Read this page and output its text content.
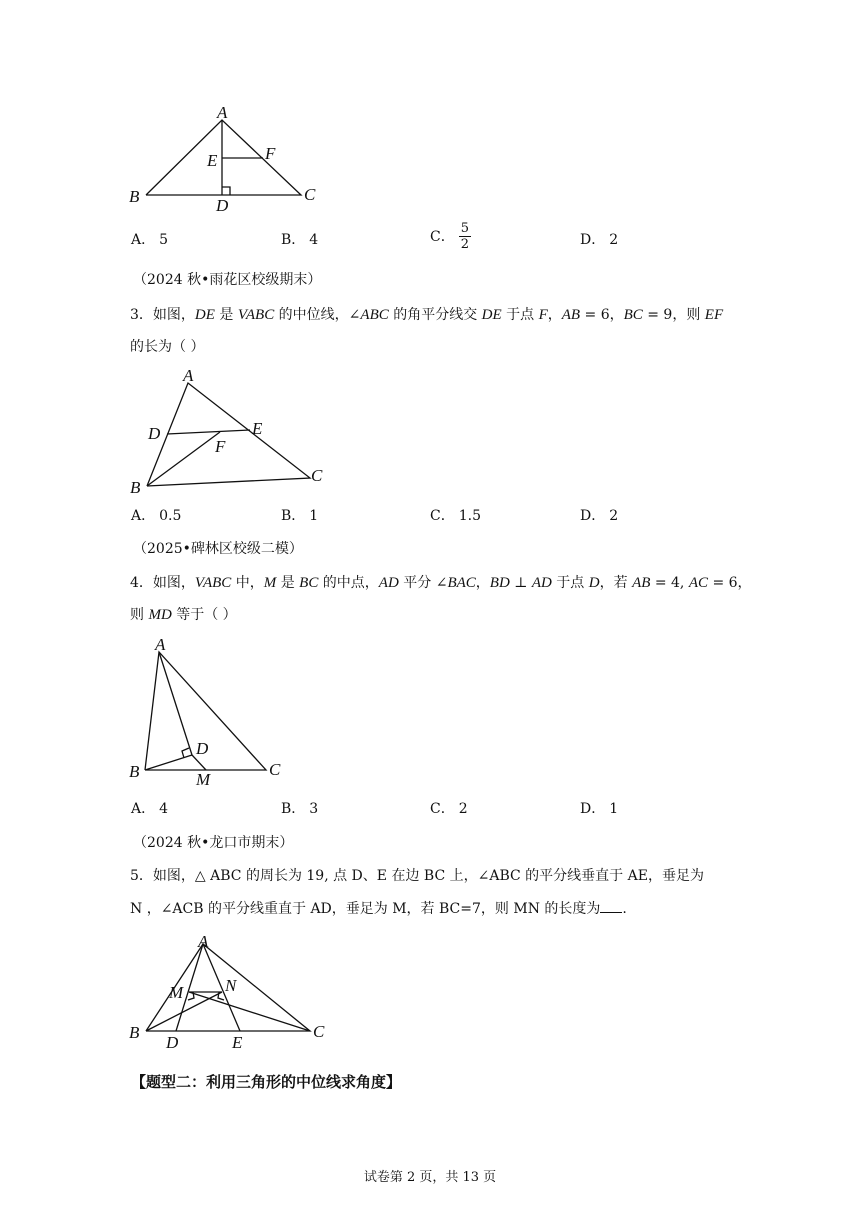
A
B	C
D
E	F
A． 5	B． 4	C． $\frac{5}{2}$	D． 2
（2024 秋•雨花区校级期末）
3．如图，DE 是 VABC 的中位线，∠ABC 的角平分线交 DE 于点 F，AB = 6，BC = 9，则 EF
的长为（ ）
A
B
C
D	E
F
A． 0.5	B． 1	C． 1.5	D． 2
（2025•碑林区校级二模）
4．如图，VABC 中，M 是 BC 的中点，AD 平分 ∠BAC，BD ⊥ AD 于点 D，若 AB = 4, AC = 6，
则 MD 等于（ ）
A
B	C
D
M
A． 4	B． 3	C． 2	D． 1
（2024 秋•龙口市期末）
5．如图，△ ABC 的周长为 19, 点 D、E 在边 BC 上，∠ABC 的平分线垂直于 AE，垂足为
N ，∠ACB 的平分线重直于 AD，垂足为 M，若 BC=7，则 MN 的长度为 .
A
B	C
D	E
M N
【题型二：利用三角形的中位线求角度】
试卷第 2 页，共 13 页
